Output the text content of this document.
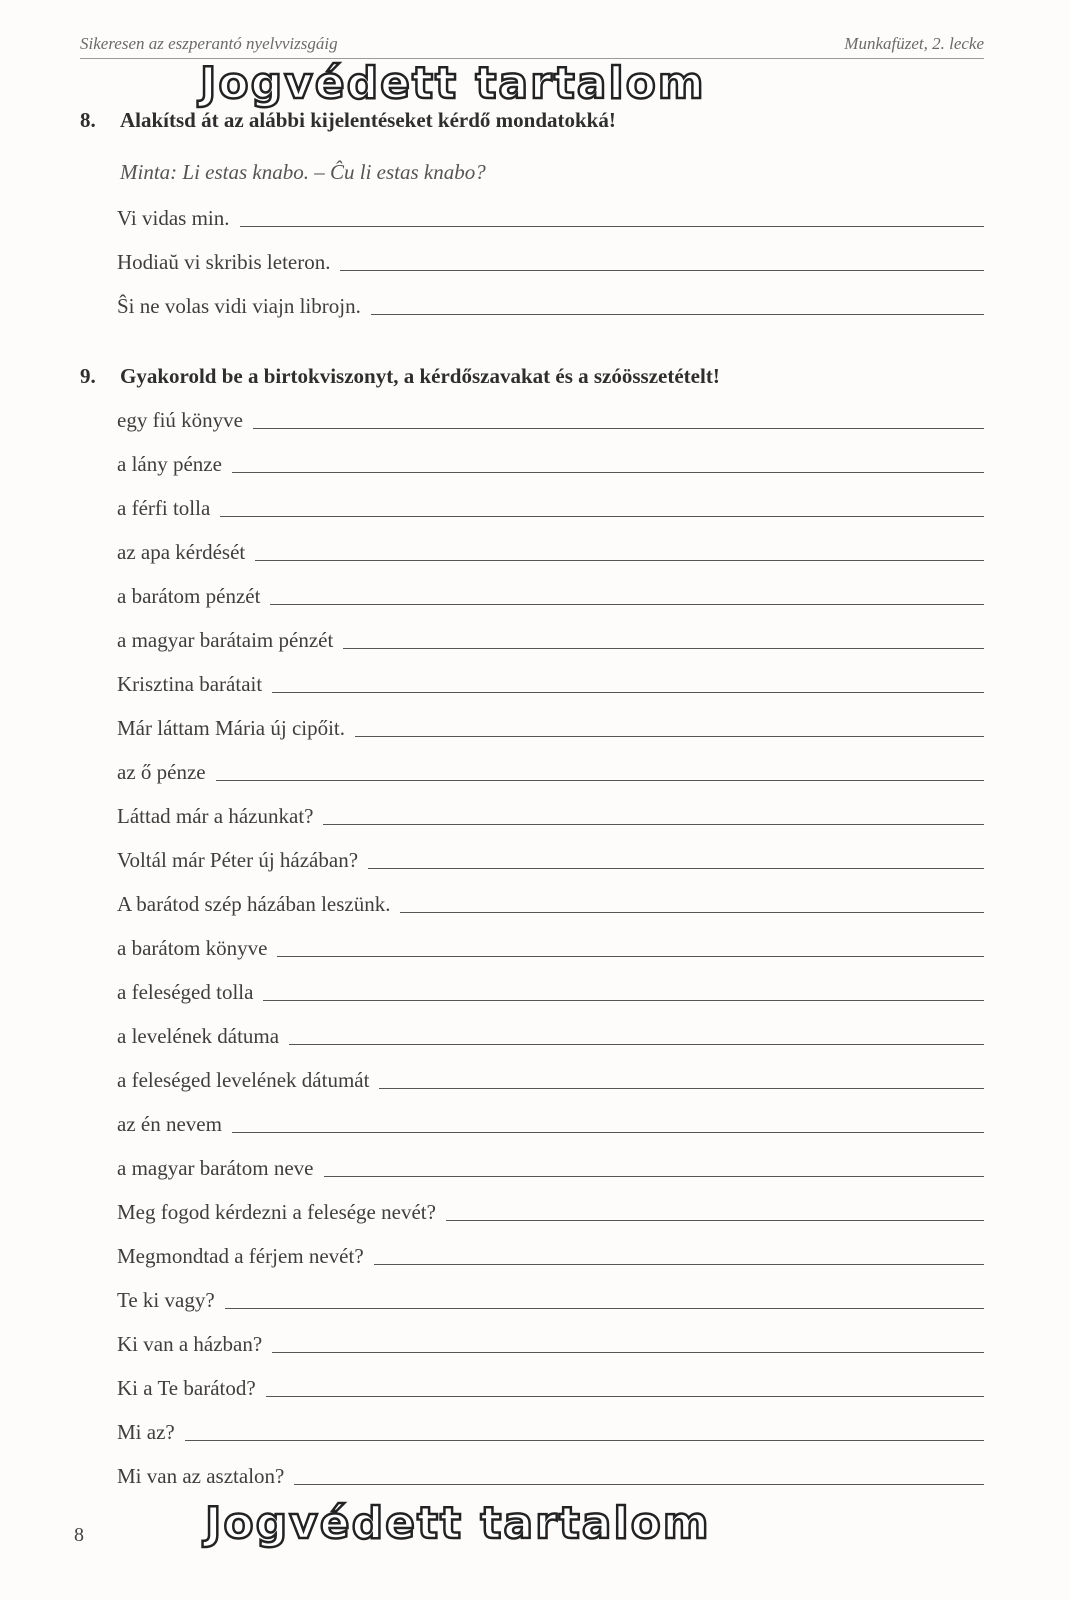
Sikeresen az eszperantó nyelvvizsgáig	Munkafüzet, 2. lecke
8. Alakítsd át az alábbi kijelentéseket kérdő mondatokká!
Minta: Li estas knabo. – Ĉu li estas knabo?
Vi vidas min.
Hodiaŭ vi skribis leteron.
Ŝi ne volas vidi viajn librojn.
9. Gyakorold be a birtokviszonyt, a kérdőszavakat és a szóösszetételt!
egy fiú könyve
a lány pénze
a férfi tolla
az apa kérdését
a barátom pénzét
a magyar barátaim pénzét
Krisztina barátait
Már láttam Mária új cipőit.
az ő pénze
Láttad már a házunkat?
Voltál már Péter új házában?
A barátod szép házában leszünk.
a barátom könyve
a feleséged tolla
a levelének dátuma
a feleséged levelének dátumát
az én nevem
a magyar barátom neve
Meg fogod kérdezni a felesége nevét?
Megmondtad a férjem nevét?
Te ki vagy?
Ki van a házban?
Ki a Te barátod?
Mi az?
Mi van az asztalon?
8
Jogvédett tartalom
Jogvédett tartalom
